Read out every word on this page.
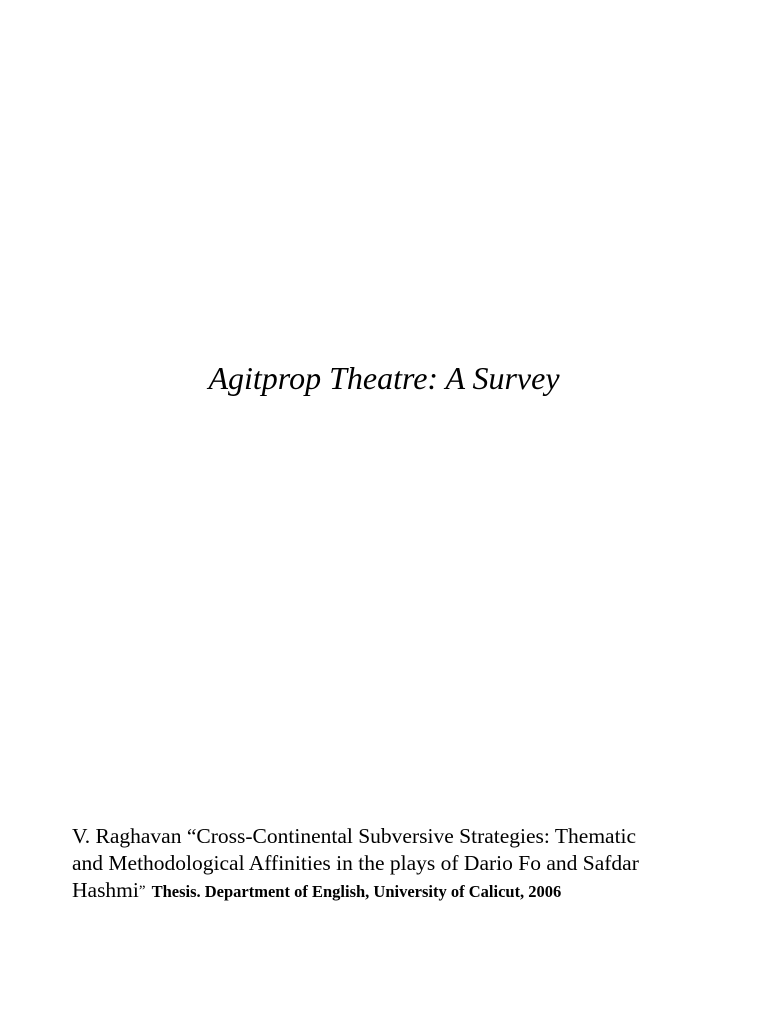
Agitprop Theatre: A Survey
V. Raghavan “Cross-Continental Subversive Strategies: Thematic
and Methodological Affinities in the plays of Dario Fo and Safdar
Hashmi” Thesis. Department of English, University of Calicut, 2006
